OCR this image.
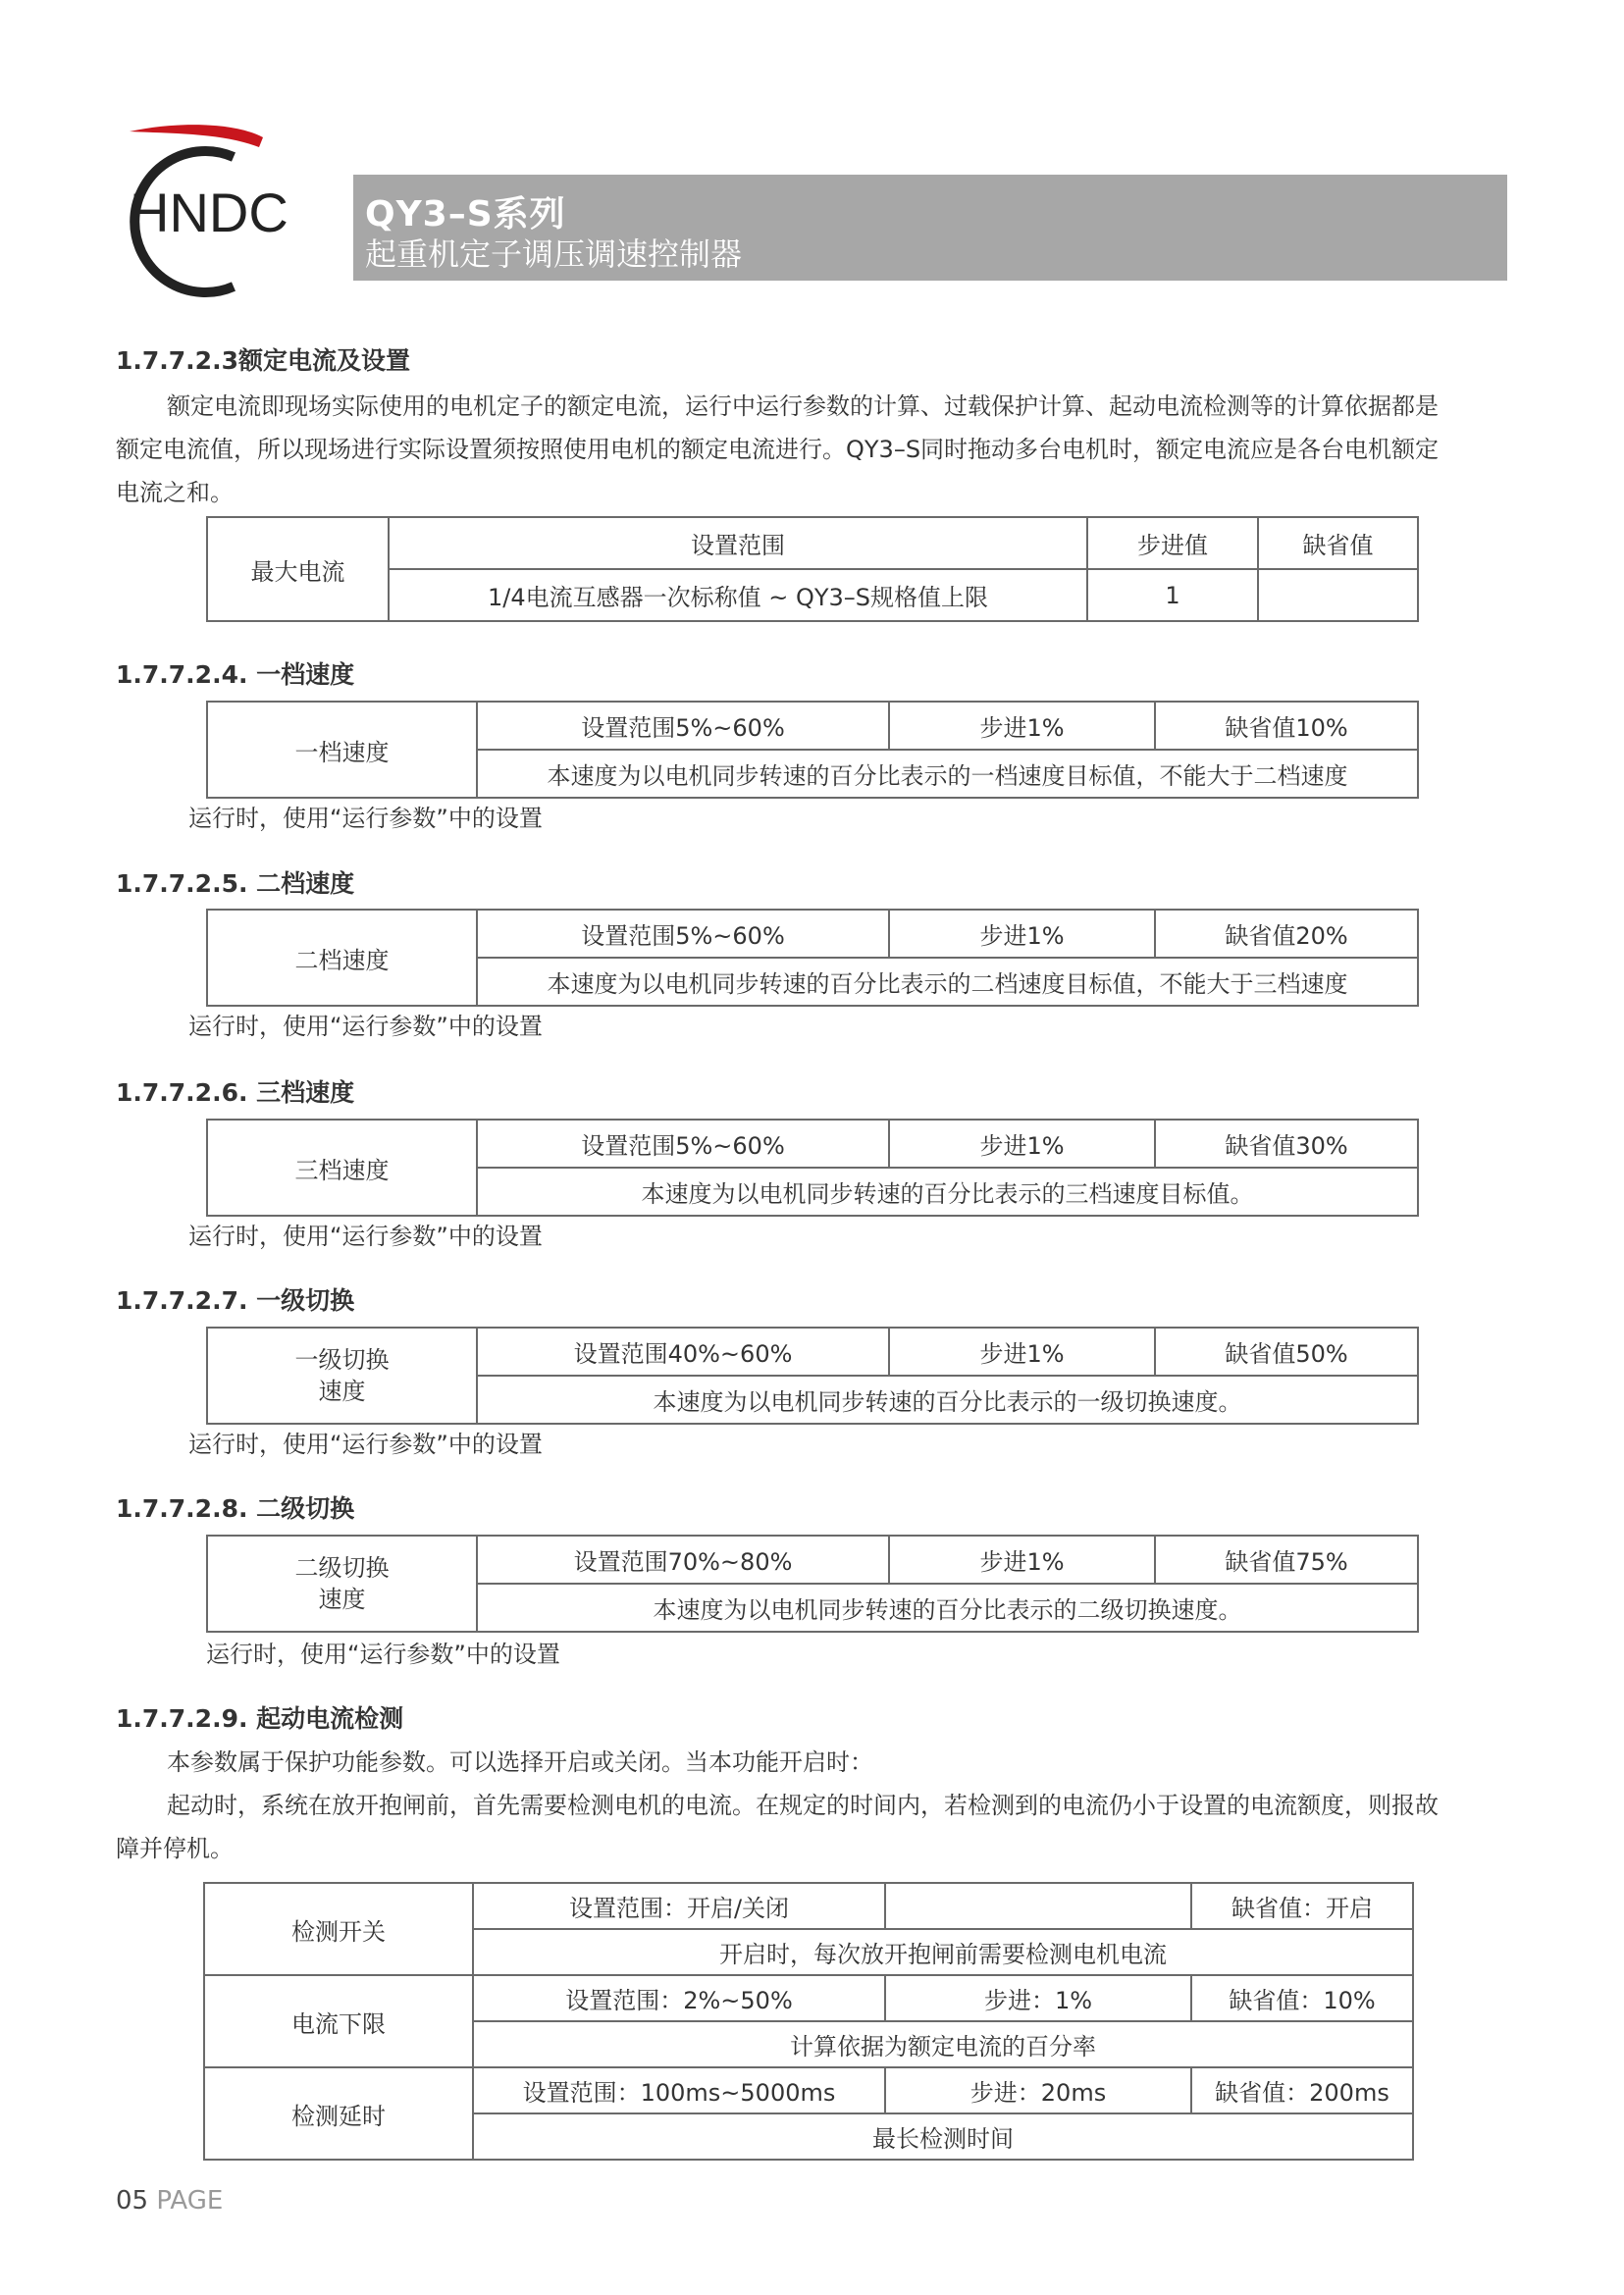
HNDC QY3–S系列
起重机定子调压调速控制器
1.7.7.2.3额定电流及设置
额定电流即现场实际使用的电机定子的额定电流，运行中运行参数的计算、过载保护计算、起动电流检测等的计算依据都是
额定电流值，所以现场进行实际设置须按照使用电机的额定电流进行。QY3–S同时拖动多台电机时，额定电流应是各台电机额定
电流之和。
最大电流	设置范围	步进值	缺省值
	1/4电流互感器一次标称值 ~ QY3–S规格值上限	1	
1.7.7.2.4. 一档速度
一档速度	设置范围5%~60%	步进1%	缺省值10%
本速度为以电机同步转速的百分比表示的一档速度目标值，不能大于二档速度
运行时，使用“运行参数”中的设置
1.7.7.2.5. 二档速度
二档速度	设置范围5%~60%	步进1%	缺省值20%
本速度为以电机同步转速的百分比表示的二档速度目标值，不能大于三档速度
运行时，使用“运行参数”中的设置
1.7.7.2.6. 三档速度
三档速度	设置范围5%~60%	步进1%	缺省值30%
本速度为以电机同步转速的百分比表示的三档速度目标值。
运行时，使用“运行参数”中的设置
1.7.7.2.7. 一级切换
一级切换
速度	设置范围40%~60%	步进1%	缺省值50%
本速度为以电机同步转速的百分比表示的一级切换速度。
运行时，使用“运行参数”中的设置
1.7.7.2.8. 二级切换
二级切换
速度	设置范围70%~80%	步进1%	缺省值75%
本速度为以电机同步转速的百分比表示的二级切换速度。
运行时，使用“运行参数”中的设置
1.7.7.2.9. 起动电流检测
本参数属于保护功能参数。可以选择开启或关闭。当本功能开启时：
起动时，系统在放开抱闸前，首先需要检测电机的电流。在规定的时间内，若检测到的电流仍小于设置的电流额度，则报故
障并停机。
检测开关	设置范围：开启/关闭		缺省值：开启
	开启时，每次放开抱闸前需要检测电机电流		
电流下限	设置范围：2%~50%	步进：1%	缺省值：10%
	计算依据为额定电流的百分率		
检测延时	设置范围：100ms~5000ms	步进：20ms	缺省值：200ms
	最长检测时间		
05 PAGE
